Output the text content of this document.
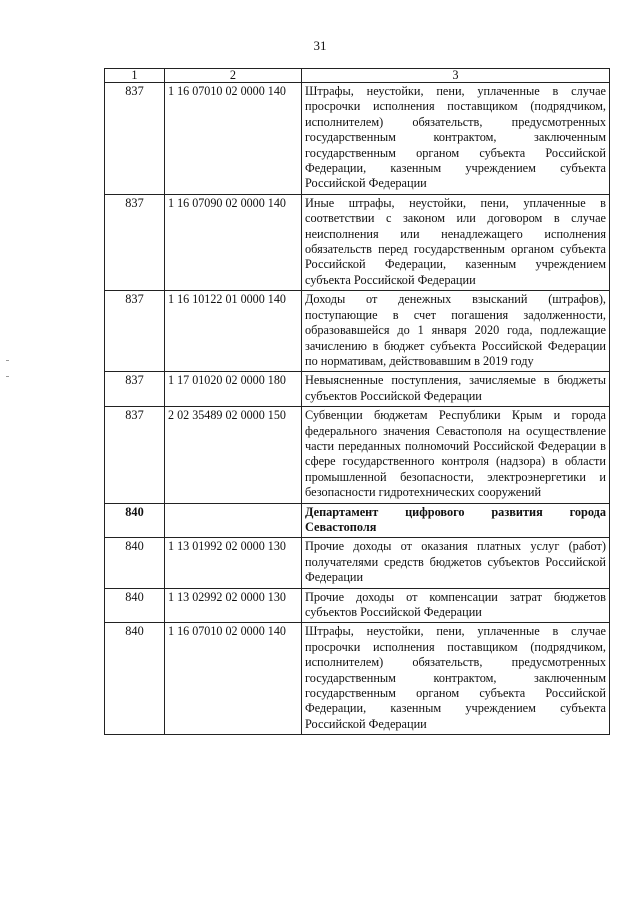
31
1	2	3
837	1 16 07010 02 0000 140	Штрафы, неустойки, пени, уплаченные в случае просрочки исполнения поставщиком (подрядчиком, исполнителем) обязательств, предусмотренных государственным контрактом, заключенным государственным органом субъекта Российской Федерации, казенным учреждением субъекта Российской Федерации
837	1 16 07090 02 0000 140	Иные штрафы, неустойки, пени, уплаченные в соответствии с законом или договором в случае неисполнения или ненадлежащего исполнения обязательств перед государственным органом субъекта Российской Федерации, казенным учреждением субъекта Российской Федерации
837	1 16 10122 01 0000 140	Доходы от денежных взысканий (штрафов), поступающие в счет погашения задолженности, образовавшейся до 1 января 2020 года, подлежащие зачислению в бюджет субъекта Российской Федерации по нормативам, действовавшим в 2019 году
837	1 17 01020 02 0000 180	Невыясненные поступления, зачисляемые в бюджеты субъектов Российской Федерации
837	2 02 35489 02 0000 150	Субвенции бюджетам Республики Крым и города федерального значения Севастополя на осуществление части переданных полномочий Российской Федерации в сфере государственного контроля (надзора) в области промышленной безопасности, электроэнергетики и безопасности гидротехнических сооружений
840		Департамент цифрового развития города Севастополя
840	1 13 01992 02 0000 130	Прочие доходы от оказания платных услуг (работ) получателями средств бюджетов субъектов Российской Федерации
840	1 13 02992 02 0000 130	Прочие доходы от компенсации затрат бюджетов субъектов Российской Федерации
840	1 16 07010 02 0000 140	Штрафы, неустойки, пени, уплаченные в случае просрочки исполнения поставщиком (подрядчиком, исполнителем) обязательств, предусмотренных государственным контрактом, заключенным государственным органом субъекта Российской Федерации, казенным учреждением субъекта Российской Федерации
